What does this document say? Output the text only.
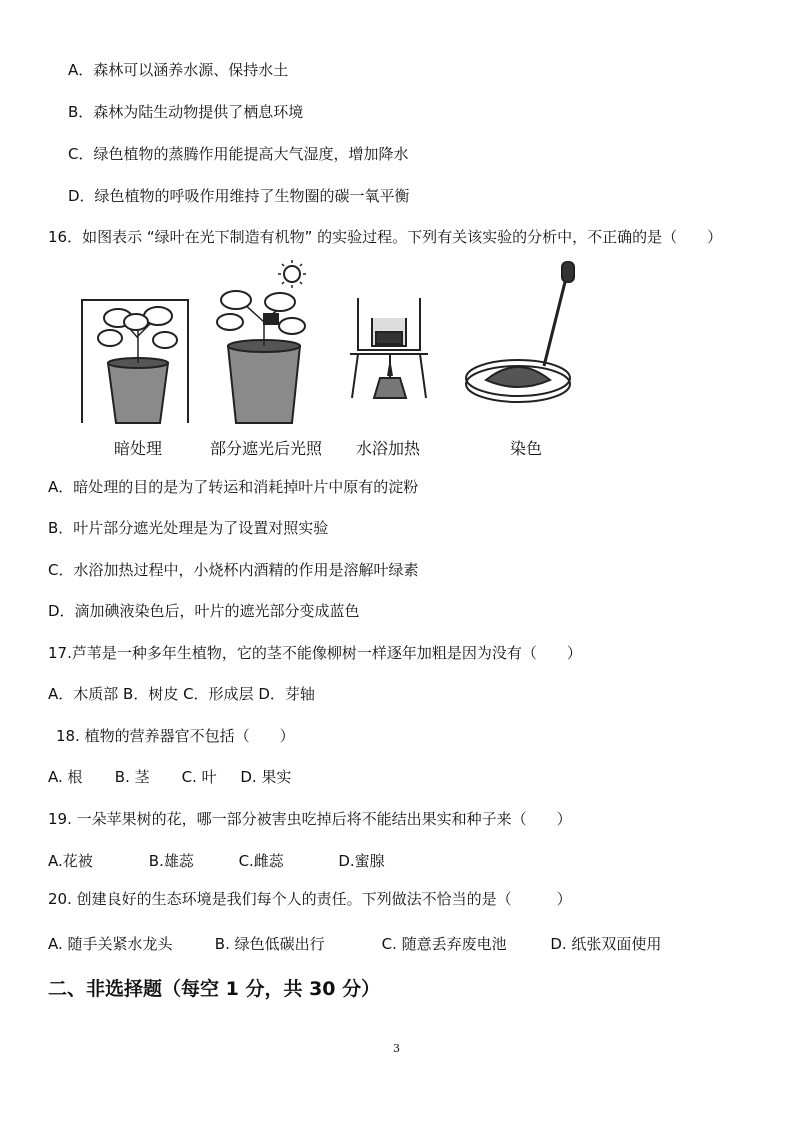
A．森林可以涵养水源、保持水土
B．森林为陆生动物提供了栖息环境
C．绿色植物的蒸腾作用能提高大气湿度，增加降水
D．绿色植物的呼吸作用维持了生物圈的碳一氧平衡
16．如图表示 “绿叶在光下制造有机物” 的实验过程。下列有关该实验的分析中，不正确的是（　　）
暗处理	部分遮光后光照 水浴加热	染色
A．暗处理的目的是为了转运和消耗掉叶片中原有的淀粉
B．叶片部分遮光处理是为了设置对照实验
C．水浴加热过程中，小烧杯内酒精的作用是溶解叶绿素
D．滴加碘液染色后，叶片的遮光部分变成蓝色
17.芦苇是一种多年生植物，它的茎不能像柳树一样逐年加粗是因为没有（　　）
A．木质部 B．树皮 C．形成层 D．芽轴
18. 植物的营养器官不包括（　　）
A. 根 B. 茎 C. 叶 D. 果实
19. 一朵苹果树的花，哪一部分被害虫吃掉后将不能结出果实和种子来（　　）
A.花被	B.雄蕊	C.雌蕊	D.蜜腺
20. 创建良好的生态环境是我们每个人的责任。下列做法不恰当的是（　　　）
A. 随手关紧水龙头	B. 绿色低碳出行	C. 随意丢弃废电池	D. 纸张双面使用
二、非选择题（每空 1 分，共 30 分）
3
